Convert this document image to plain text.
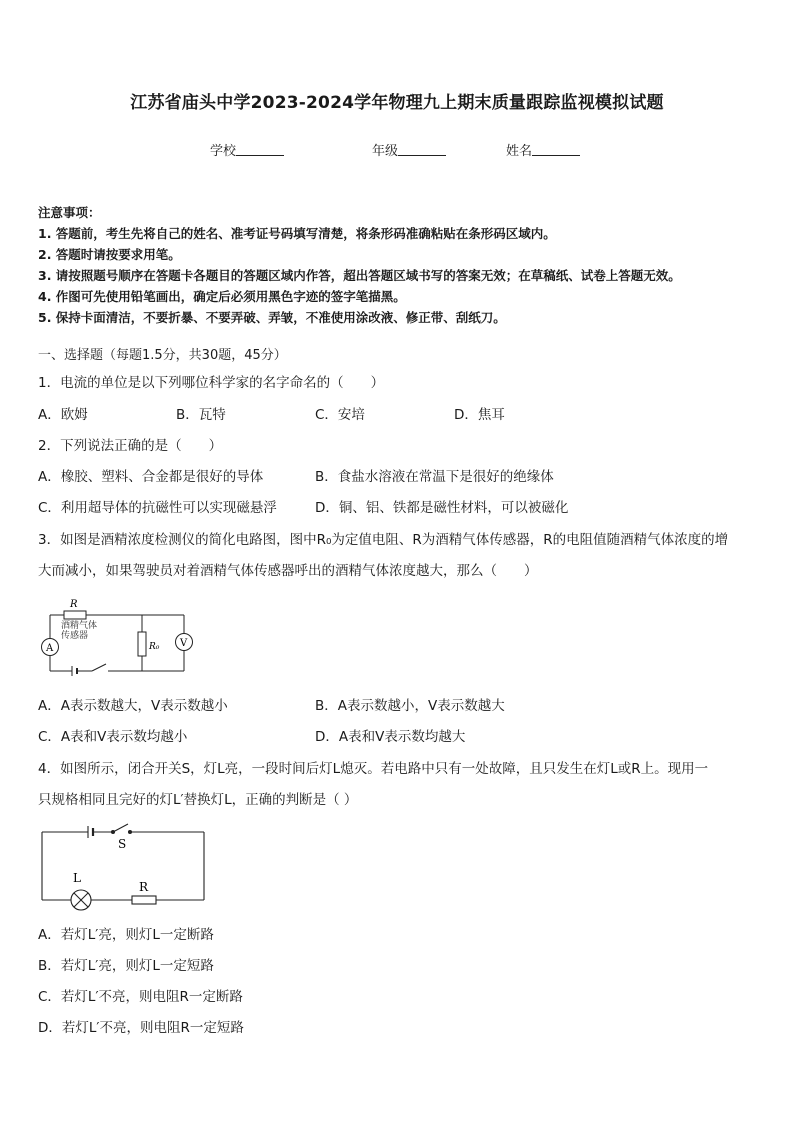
江苏省庙头中学2023-2024学年物理九上期末质量跟踪监视模拟试题
学校	年级	姓名
注意事项：
1. 答题前，考生先将自己的姓名、准考证号码填写清楚，将条形码准确粘贴在条形码区域内。
2. 答题时请按要求用笔。
3. 请按照题号顺序在答题卡各题目的答题区域内作答，超出答题区域书写的答案无效；在草稿纸、试卷上答题无效。
4. 作图可先使用铅笔画出，确定后必须用黑色字迹的签字笔描黑。
5. 保持卡面清洁，不要折暴、不要弄破、弄皱，不准使用涂改液、修正带、刮纸刀。
一、选择题（每题1.5分，共30题，45分）
1．电流的单位是以下列哪位科学家的名字命名的（　　）
A．欧姆	B．瓦特	C．安培	D．焦耳
2．下列说法正确的是（　　）
A．橡胶、塑料、合金都是很好的导体	B．食盐水溶液在常温下是很好的绝缘体
C．利用超导体的抗磁性可以实现磁悬浮	D．铜、铝、铁都是磁性材料，可以被磁化
3．如图是酒精浓度检测仪的简化电路图，图中R₀为定值电阻、R为酒精气体传感器，R的电阻值随酒精气体浓度的增
大而减小，如果驾驶员对着酒精气体传感器呼出的酒精气体浓度越大，那么（　　）
R
酒精气体
传感器
R₀
A	V
A．A表示数越大，V表示数越小	B．A表示数越小，V表示数越大
C．A表和V表示数均越小	D．A表和V表示数均越大
4．如图所示，闭合开关S，灯L亮，一段时间后灯L熄灭。若电路中只有一处故障，且只发生在灯L或R上。现用一
只规格相同且完好的灯L′替换灯L，正确的判断是（ ）
S
L
R
A．若灯L′亮，则灯L一定断路
B．若灯L′亮，则灯L一定短路
C．若灯L′不亮，则电阻R一定断路
D．若灯L′不亮，则电阻R一定短路
